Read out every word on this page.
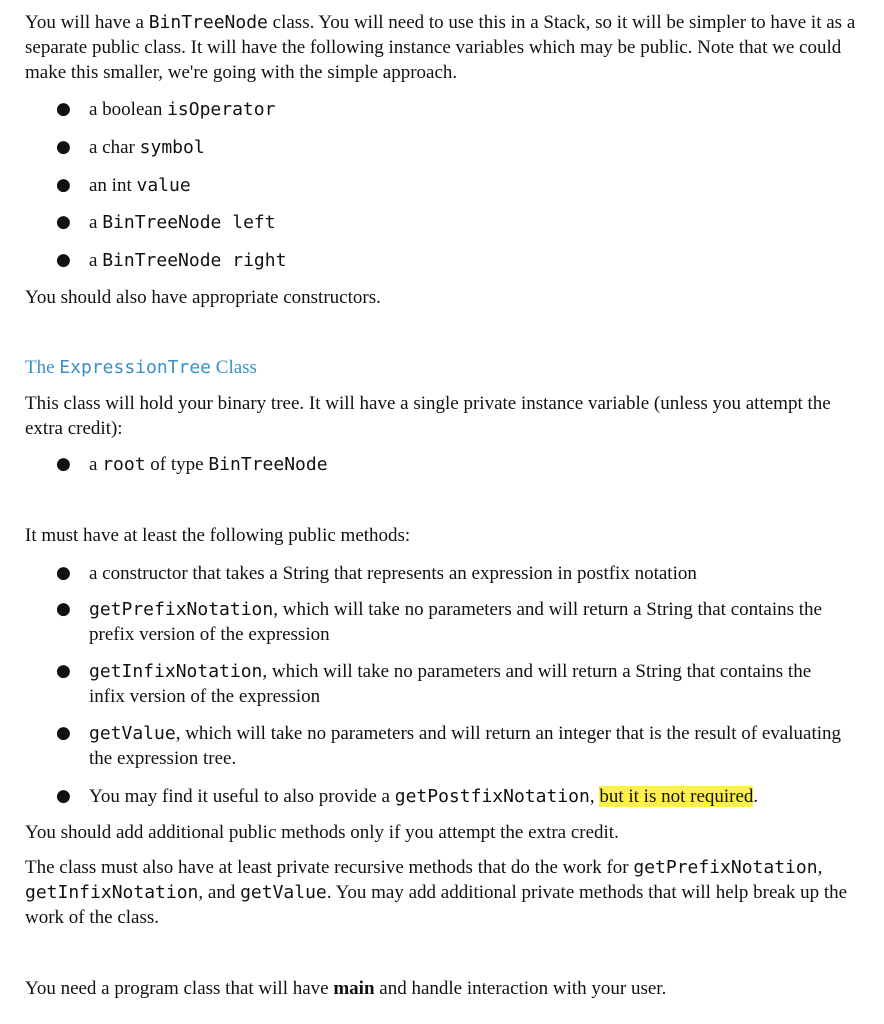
You will have a BinTreeNode class. You will need to use this in a Stack, so it will be simpler to have it as a separate public class. It will have the following instance variables which may be public. Note that we could make this smaller, we're going with the simple approach.

● a boolean isOperator
● a char symbol
● an int value
● a BinTreeNode left
● a BinTreeNode right

You should also have appropriate constructors.

The ExpressionTree Class

This class will hold your binary tree. It will have a single private instance variable (unless you attempt the extra credit):

● a root of type BinTreeNode

It must have at least the following public methods:

● a constructor that takes a String that represents an expression in postfix notation
● getPrefixNotation, which will take no parameters and will return a String that contains the prefix version of the expression
● getInfixNotation, which will take no parameters and will return a String that contains the infix version of the expression
● getValue, which will take no parameters and will return an integer that is the result of evaluating the expression tree.
● You may find it useful to also provide a getPostfixNotation, but it is not required.

You should add additional public methods only if you attempt the extra credit.

The class must also have at least private recursive methods that do the work for getPrefixNotation, getInfixNotation, and getValue. You may add additional private methods that will help break up the work of the class.

You need a program class that will have main and handle interaction with your user.
